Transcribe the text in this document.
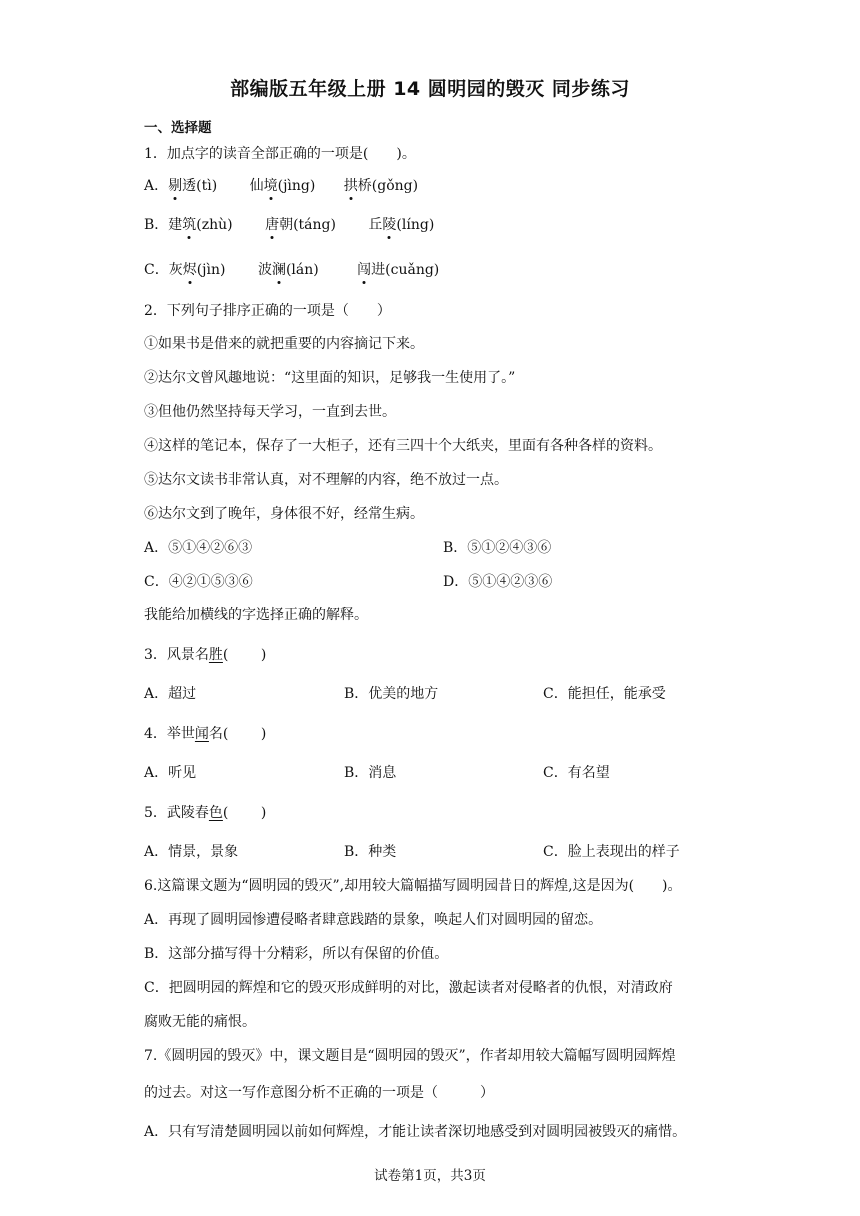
部编版五年级上册 14 圆明园的毁灭 同步练习
一、选择题
1．加点字的读音全部正确的一项是(　　)。
A．剔透(tì) 仙境(jìng) 拱桥(gǒng)
B．建筑(zhù) 唐朝(táng) 丘陵(líng)
C．灰烬(jìn) 波澜(lán)	闯进(cuǎng)
2．下列句子排序正确的一项是（　　）
①如果书是借来的就把重要的内容摘记下来。
②达尔文曾风趣地说：“这里面的知识，足够我一生使用了。”
③但他仍然坚持每天学习，一直到去世。
④这样的笔记本，保存了一大柜子，还有三四十个大纸夹，里面有各种各样的资料。
⑤达尔文读书非常认真，对不理解的内容，绝不放过一点。
⑥达尔文到了晚年，身体很不好，经常生病。
A．⑤①④②⑥③	B．⑤①②④③⑥
C．④②①⑤③⑥	D．⑤①④②③⑥
我能给加横线的字选择正确的解释。
3．风景名胜(　　 )
A．超过	B．优美的地方	C．能担任，能承受
4．举世闻名(　　 )
A．听见	B．消息	C．有名望
5．武陵春色(　　 )
A．情景，景象	B．种类	C．脸上表现出的样子
6.这篇课文题为“圆明园的毁灭”,却用较大篇幅描写圆明园昔日的辉煌,这是因为(　　)。
A．再现了圆明园惨遭侵略者肆意践踏的景象，唤起人们对圆明园的留恋。
B．这部分描写得十分精彩，所以有保留的价值。
C．把圆明园的辉煌和它的毁灭形成鲜明的对比，激起读者对侵略者的仇恨，对清政府
腐败无能的痛恨。
7.《圆明园的毁灭》中，课文题目是“圆明园的毁灭”，作者却用较大篇幅写圆明园辉煌
的过去。对这一写作意图分析不正确的一项是（　　　）
A．只有写清楚圆明园以前如何辉煌，才能让读者深切地感受到对圆明园被毁灭的痛惜。
试卷第1页，共3页
